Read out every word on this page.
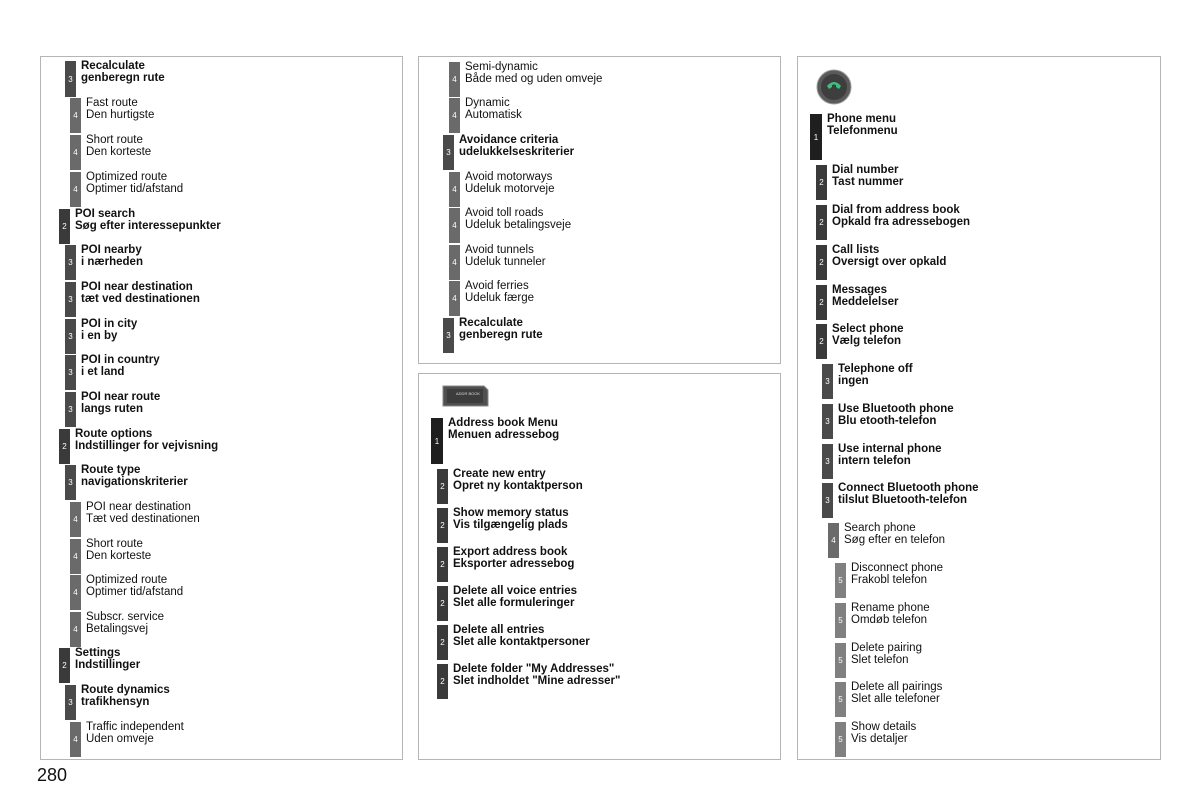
3
Recalculate
genberegn rute
4
Fast route
Den hurtigste
4
Short route
Den korteste
4
Optimized route
Optimer tid/afstand
2
POI search
Søg efter interessepunkter
3
POI nearby
i nærheden
3
POI near destination
tæt ved destinationen
3
POI in city
i en by
3
POI in country
i et land
3
POI near route
langs ruten
2
Route options
Indstillinger for vejvisning
3
Route type
navigationskriterier
4
POI near destination
Tæt ved destinationen
4
Short route
Den korteste
4
Optimized route
Optimer tid/afstand
4
Subscr. service
Betalingsvej
2
Settings
Indstillinger
3
Route dynamics
trafikhensyn
4
Traffic independent
Uden omveje
4
Semi-dynamic
Både med og uden omveje
4
Dynamic
Automatisk
3
Avoidance criteria
udelukkelseskriterier
4
Avoid motorways
Udeluk motorveje
4
Avoid toll roads
Udeluk betalingsveje
4
Avoid tunnels
Udeluk tunneler
4
Avoid ferries
Udeluk færge
3
Recalculate
genberegn rute
ADDR BOOK
1
Address book Menu
Menuen adressebog
2
Create new entry
Opret ny kontaktperson
2
Show memory status
Vis tilgængelig plads
2
Export address book
Eksporter adressebog
2
Delete all voice entries
Slet alle formuleringer
2
Delete all entries
Slet alle kontaktpersoner
2
Delete folder "My Addresses"
Slet indholdet "Mine adresser"
1
Phone menu
Telefonmenu
2
Dial number
Tast nummer
2
Dial from address book
Opkald fra adressebogen
2
Call lists
Oversigt over opkald
2
Messages
Meddelelser
2
Select phone
Vælg telefon
3
Telephone off
ingen
3
Use Bluetooth phone
Blu etooth-telefon
3
Use internal phone
intern telefon
3
Connect Bluetooth phone
tilslut Bluetooth-telefon
4
Search phone
Søg efter en telefon
5
Disconnect phone
Frakobl telefon
5
Rename phone
Omdøb telefon
5
Delete pairing
Slet telefon
5
Delete all pairings
Slet alle telefoner
5
Show details
Vis detaljer
280
